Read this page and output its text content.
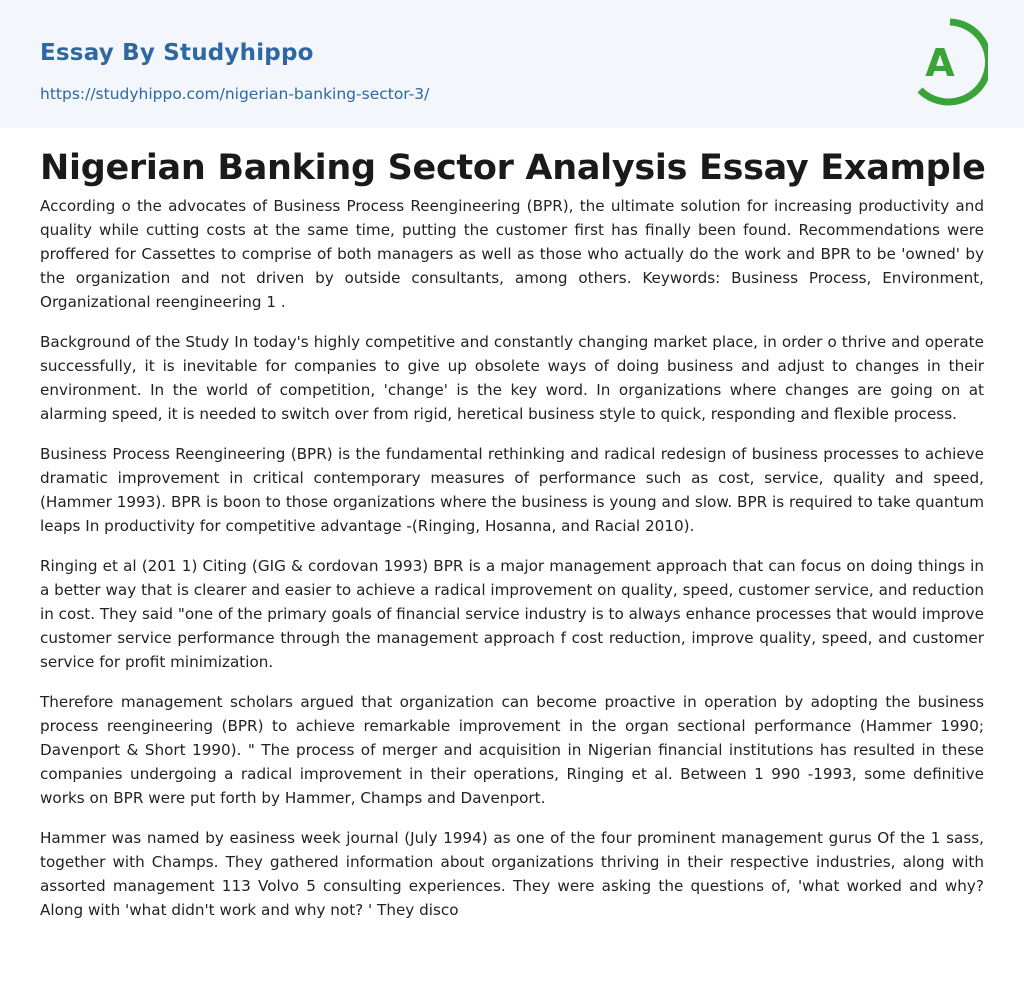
Essay By Studyhippo
https://studyhippo.com/nigerian-banking-sector-3/
A
Nigerian Banking Sector Analysis Essay Example

According o the advocates of Business Process Reengineering (BPR), the ultimate solution for increasing productivity and quality while cutting costs at the same time, putting the customer first has finally been found. Recommendations were proffered for Cassettes to comprise of both managers as well as those who actually do the work and BPR to be 'owned' by the organization and not driven by outside consultants, among others. Keywords: Business Process, Environment, Organizational reengineering 1 .

Background of the Study In today's highly competitive and constantly changing market place, in order o thrive and operate successfully, it is inevitable for companies to give up obsolete ways of doing business and adjust to changes in their environment. In the world of competition, 'change' is the key word. In organizations where changes are going on at alarming speed, it is needed to switch over from rigid, heretical business style to quick, responding and flexible process.

Business Process Reengineering (BPR) is the fundamental rethinking and radical redesign of business processes to achieve dramatic improvement in critical contemporary measures of performance such as cost, service, quality and speed, (Hammer 1993). BPR is boon to those organizations where the business is young and slow. BPR is required to take quantum leaps In productivity for competitive advantage -(Ringing, Hosanna, and Racial 2010).

Ringing et al (201 1) Citing (GIG & cordovan 1993) BPR is a major management approach that can focus on doing things in a better way that is clearer and easier to achieve a radical improvement on quality, speed, customer service, and reduction in cost. They said "one of the primary goals of financial service industry is to always enhance processes that would improve customer service performance through the management approach f cost reduction, improve quality, speed, and customer service for profit minimization.

Therefore management scholars argued that organization can become proactive in operation by adopting the business process reengineering (BPR) to achieve remarkable improvement in the organ sectional performance (Hammer 1990; Davenport & Short 1990). " The process of merger and acquisition in Nigerian financial institutions has resulted in these companies undergoing a radical improvement in their operations, Ringing et al. Between 1 990 -1993, some definitive works on BPR were put forth by Hammer, Champs and Davenport.

Hammer was named by easiness week journal (July 1994) as one of the four prominent management gurus Of the 1 sass, together with Champs. They gathered information about organizations thriving in their respective industries, along with assorted management 113 Volvo 5 consulting experiences. They were asking the questions of, 'what worked and why? Along with 'what didn't work and why not? ' They disco
